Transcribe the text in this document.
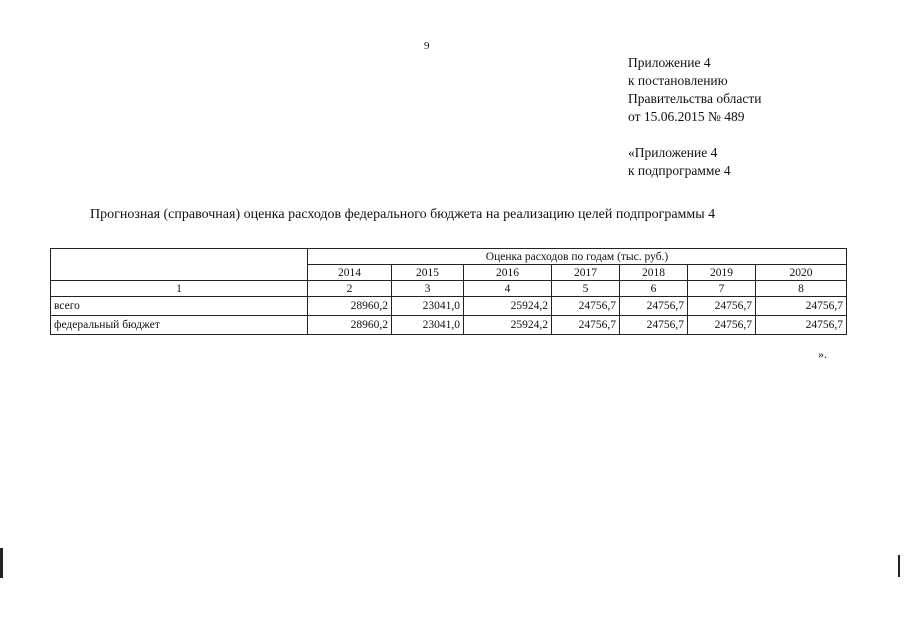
9
Приложение 4
к постановлению
Правительства области
от 15.06.2015 № 489
«Приложение 4
к подпрограмме 4
Прогнозная (справочная) оценка расходов федерального бюджета на реализацию целей подпрограммы 4
	Оценка расходов по годам (тыс. руб.)						
	2014	2015	2016	2017	2018	2019	2020
1	2	3	4	5	6	7	8
всего	28960,2	23041,0	25924,2	24756,7	24756,7	24756,7	24756,7
федеральный бюджет	28960,2	23041,0	25924,2	24756,7	24756,7	24756,7	24756,7
».
